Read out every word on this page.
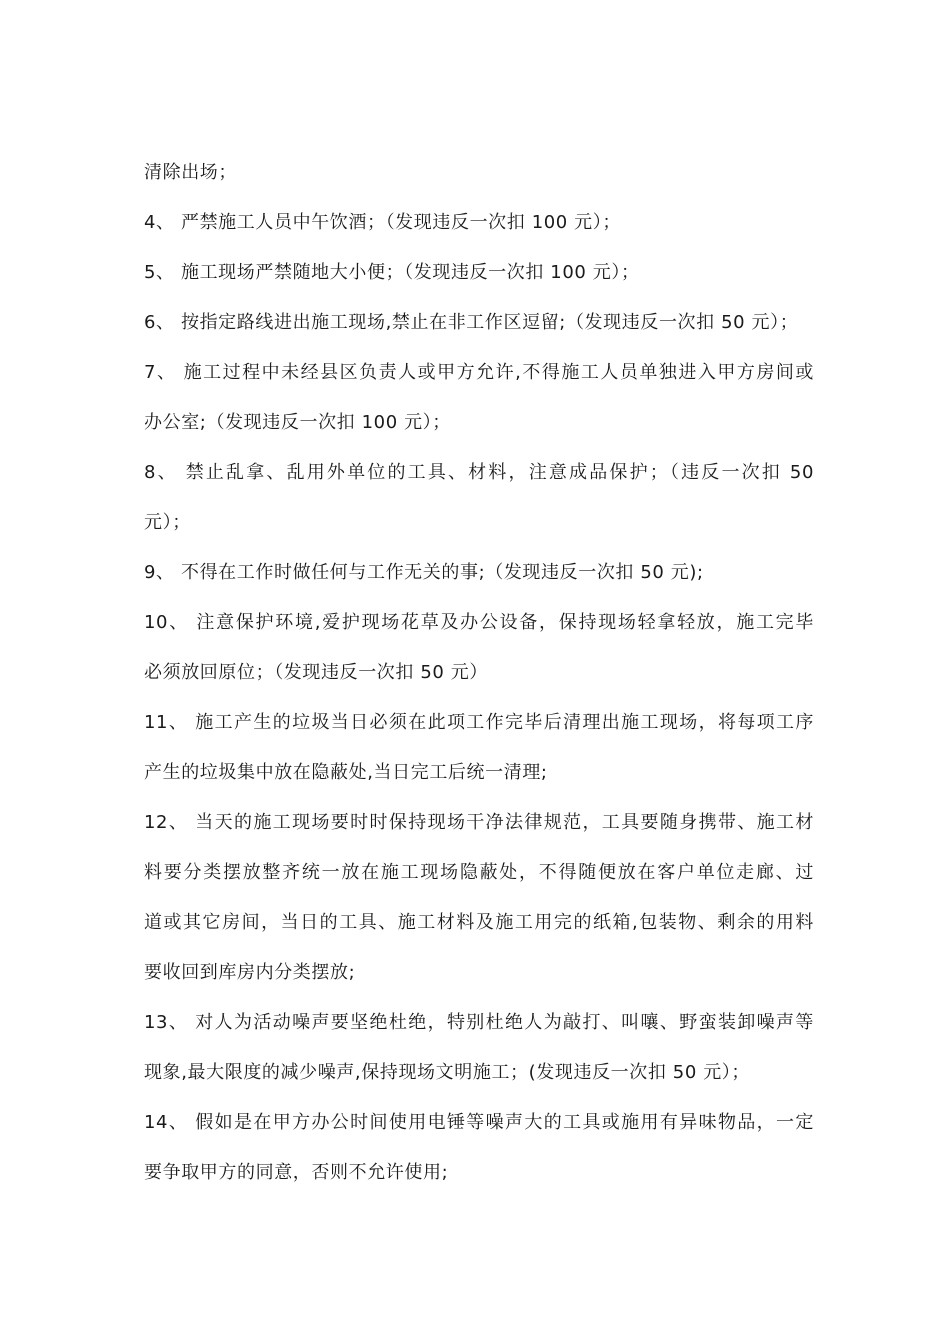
清除出场；
4、 严禁施工人员中午饮酒；（发现违反一次扣 100 元）；
5、 施工现场严禁随地大小便；（发现违反一次扣 100 元）；
6、 按指定路线进出施工现场,禁止在非工作区逗留;（发现违反一次扣 50 元）；
7、 施工过程中未经县区负责人或甲方允许,不得施工人员单独进入甲方房间或
办公室;（发现违反一次扣 100 元）；
8、 禁止乱拿、乱用外单位的工具、材料，注意成品保护；（违反一次扣 50
元）；
9、 不得在工作时做任何与工作无关的事;（发现违反一次扣 50 元);
10、 注意保护环境,爱护现场花草及办公设备，保持现场轻拿轻放，施工完毕
必须放回原位；（发现违反一次扣 50 元）
11、 施工产生的垃圾当日必须在此项工作完毕后清理出施工现场，将每项工序
产生的垃圾集中放在隐蔽处,当日完工后统一清理;
12、 当天的施工现场要时时保持现场干净法律规范，工具要随身携带、施工材
料要分类摆放整齐统一放在施工现场隐蔽处，不得随便放在客户单位走廊、过
道或其它房间，当日的工具、施工材料及施工用完的纸箱,包装物、剩余的用料
要收回到库房内分类摆放;
13、 对人为活动噪声要坚绝杜绝，特别杜绝人为敲打、叫嚷、野蛮装卸噪声等
现象,最大限度的减少噪声,保持现场文明施工；(发现违反一次扣 50 元）；
14、 假如是在甲方办公时间使用电锤等噪声大的工具或施用有异味物品，一定
要争取甲方的同意，否则不允许使用;
